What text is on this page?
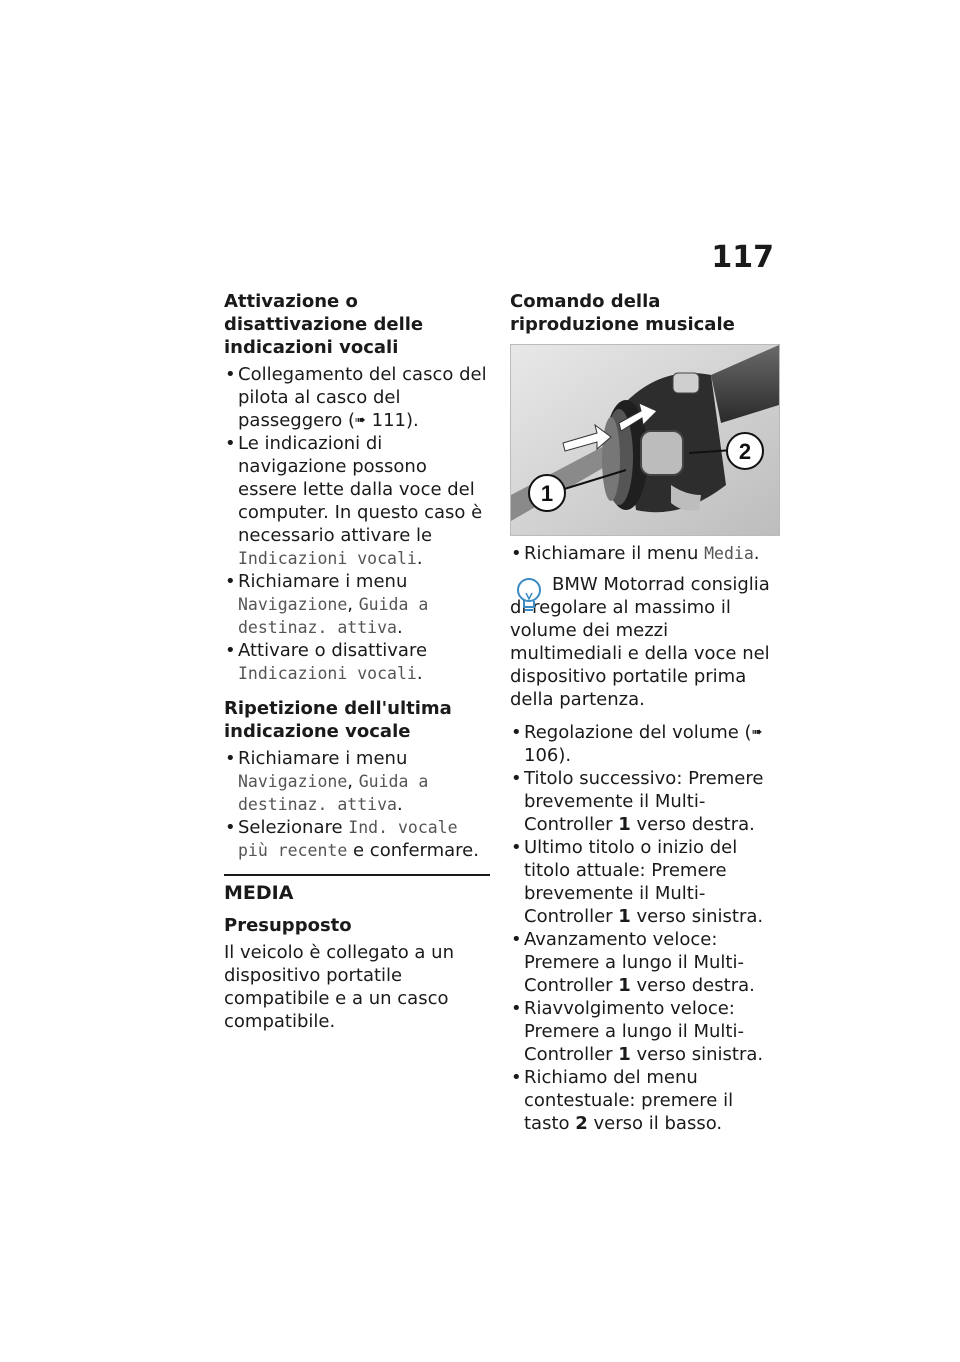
117
Attivazione o disattivazione delle indicazioni vocali
• Collegamento del casco del pilota al casco del passeggero (➠ 111).
• Le indicazioni di navigazione possono essere lette dalla voce del computer. In questo caso è necessario attivare le Indicazioni vocali.
• Richiamare i menu Navigazione, Guida a destinaz. attiva.
• Attivare o disattivare Indicazioni vocali.
Ripetizione dell'ultima indicazione vocale
• Richiamare i menu Navigazione, Guida a destinaz. attiva.
• Selezionare Ind. vocale più recente e confermare.
MEDIA
Presupposto

Il veicolo è collegato a un dispositivo portatile compatibile e a un casco compatibile.

Comando della riproduzione musicale
1
2
• Richiamare il menu Media.

BMW Motorrad consiglia di regolare al massimo il volume dei mezzi multimediali e della voce nel dispositivo portatile prima della partenza.

• Regolazione del volume (➠ 106).
• Titolo successivo: Premere brevemente il Multi-Controller 1 verso destra.
• Ultimo titolo o inizio del titolo attuale: Premere brevemente il Multi-Controller 1 verso sinistra.
• Avanzamento veloce: Premere a lungo il Multi-Controller 1 verso destra.
• Riavvolgimento veloce: Premere a lungo il Multi-Controller 1 verso sinistra.
• Richiamo del menu contestuale: premere il tasto 2 verso il basso.
